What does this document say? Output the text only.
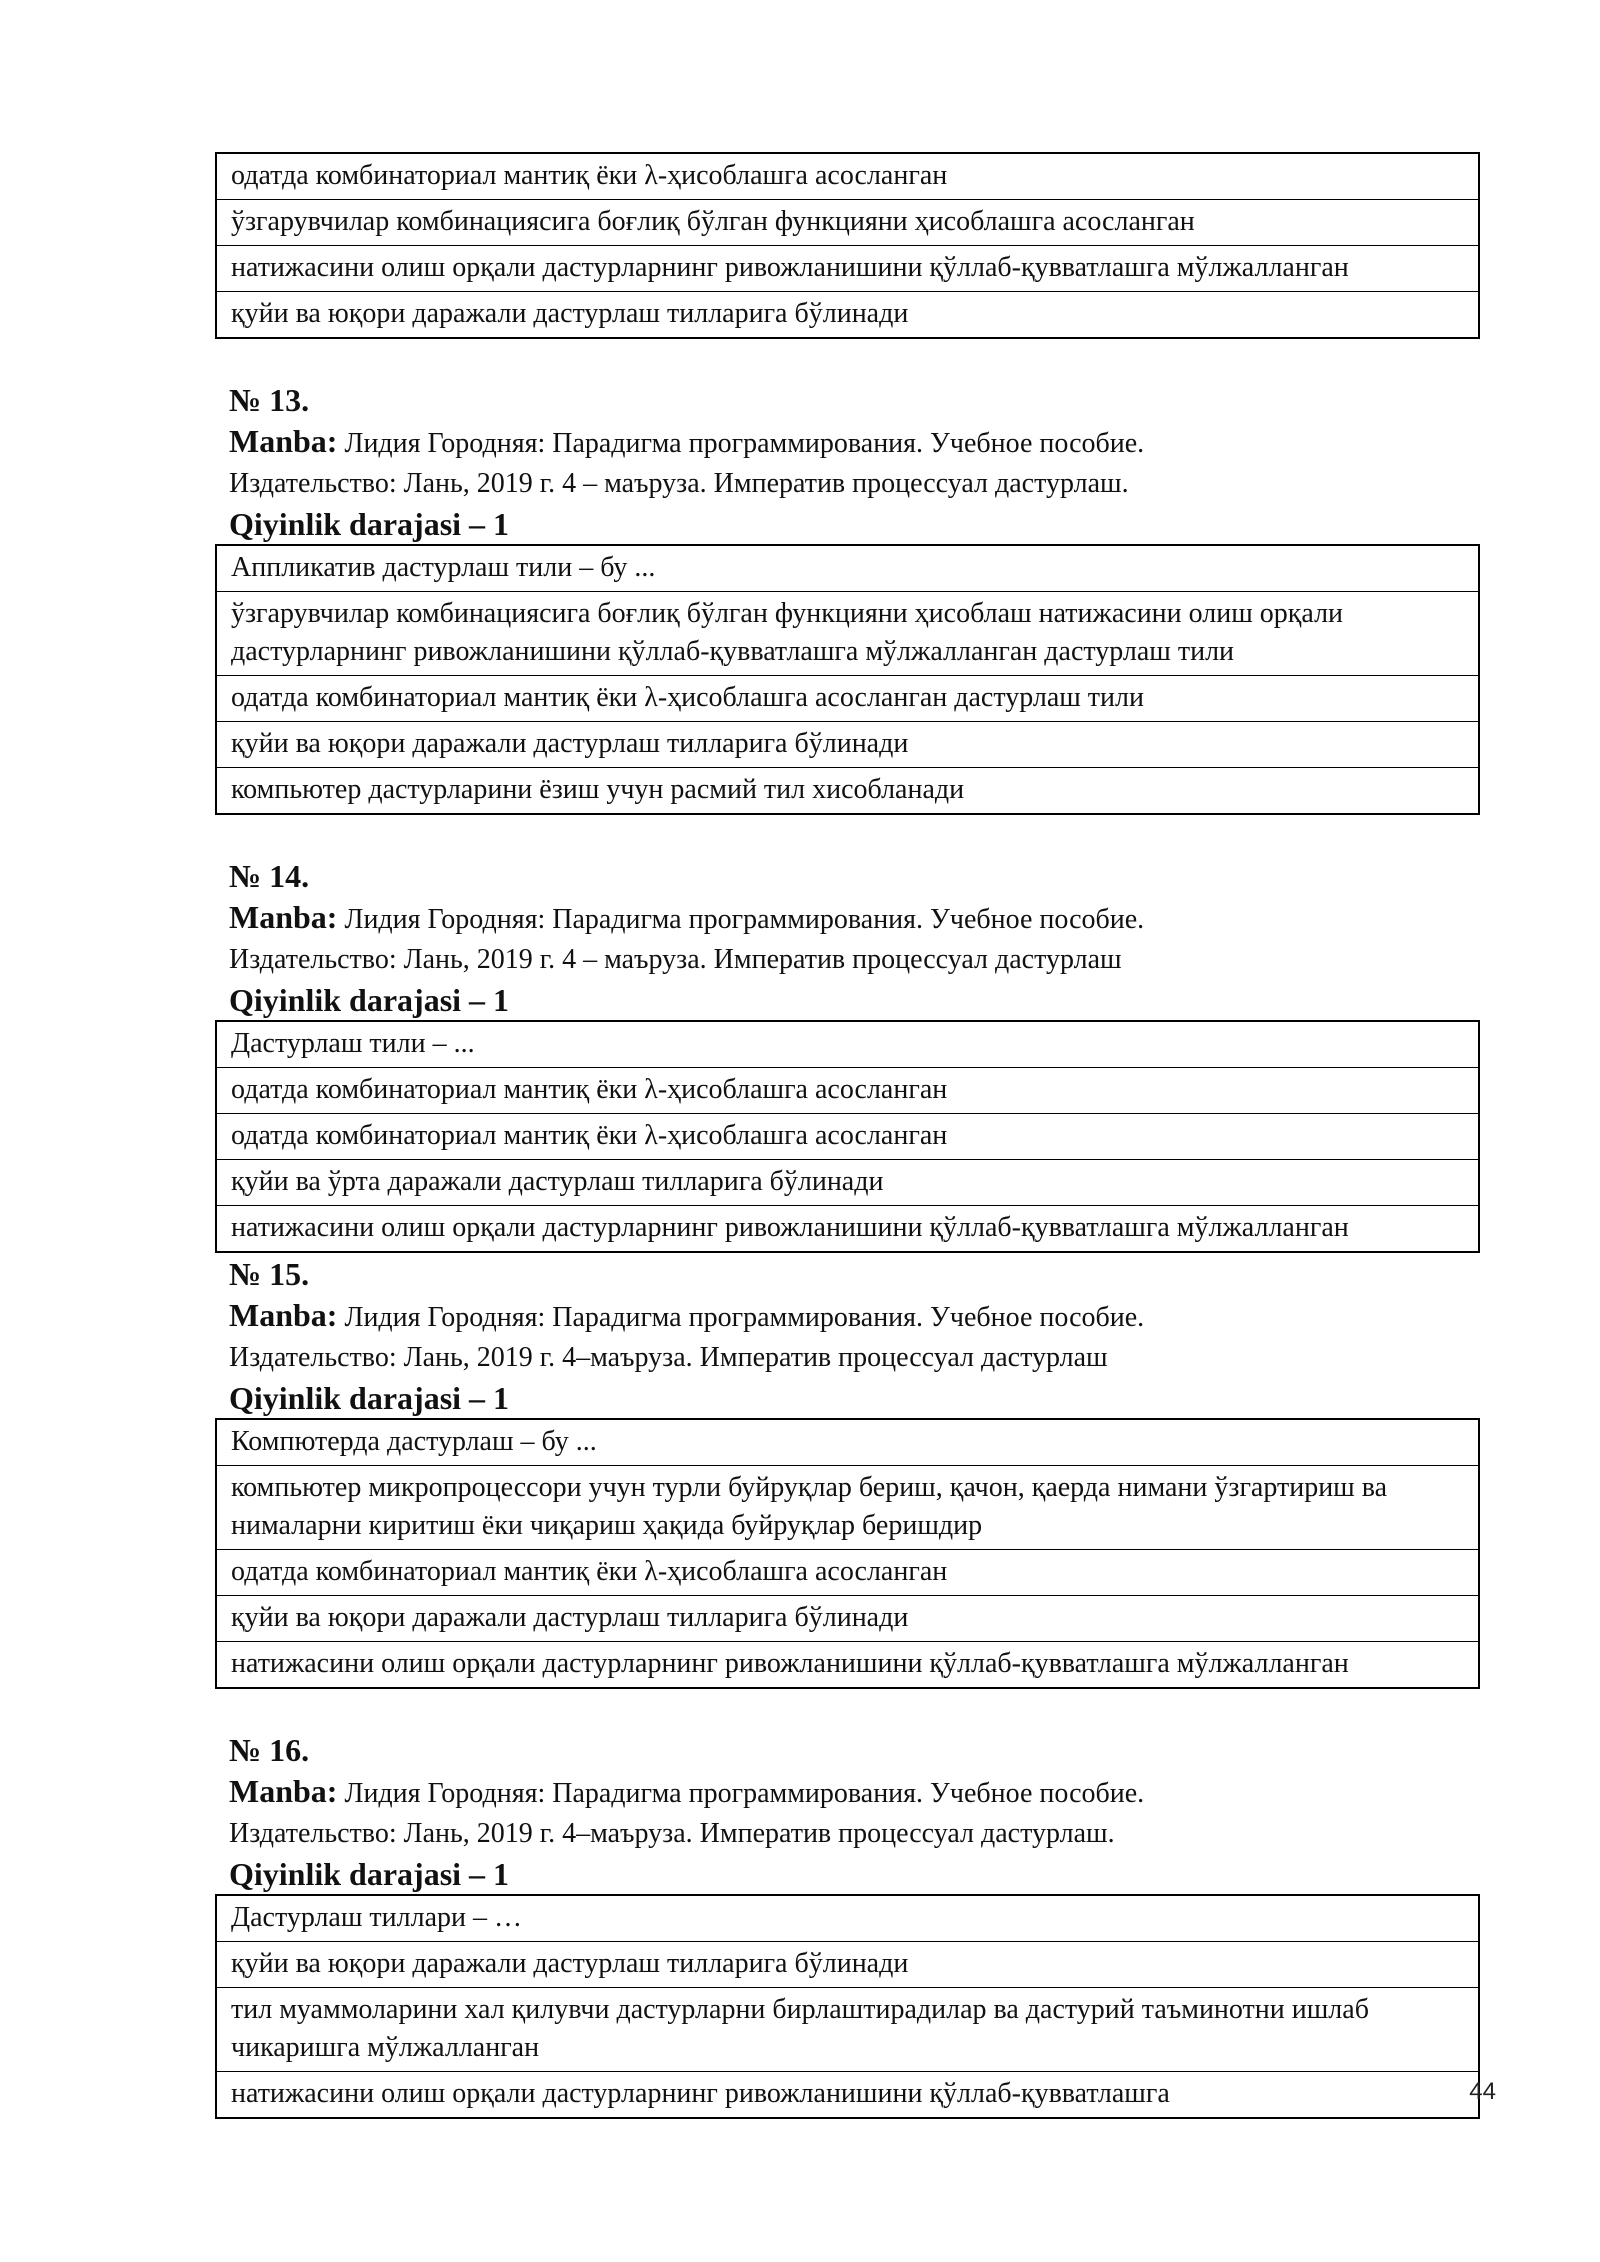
одатда комбинаториал мантиқ ёки λ-ҳисоблашга асосланган
ўзгарувчилар комбинациясига боғлиқ бўлган функцияни ҳисоблашга асосланган
натижасини олиш орқали дастурларнинг ривожланишини қўллаб-қувватлашга мўлжалланган
қуйи ва юқори даражали дастурлаш тилларига бўлинади
№ 13.
Manba: Лидия Городняя: Парадигма программирования. Учебное пособие.
Издательство: Лань, 2019 г. 4 – маъруза. Императив процессуал дастурлаш.
Qiyinlik darajasi – 1
Аппликатив дастурлаш тили – бу ...
ўзгарувчилар комбинациясига боғлиқ бўлган функцияни ҳисоблаш натижасини олиш орқали дастурларнинг ривожланишини қўллаб-қувватлашга мўлжалланган дастурлаш тили
одатда комбинаториал мантиқ ёки λ-ҳисоблашга асосланган дастурлаш тили
қуйи ва юқори даражали дастурлаш тилларига бўлинади
компьютер дастурларини ёзиш учун расмий тил хисобланади
№ 14.
Manba: Лидия Городняя: Парадигма программирования. Учебное пособие.
Издательство: Лань, 2019 г. 4 – маъруза. Императив процессуал дастурлаш
Qiyinlik darajasi – 1
Дастурлаш тили – ...
одатда комбинаториал мантиқ ёки λ-ҳисоблашга асосланган
одатда комбинаториал мантиқ ёки λ-ҳисоблашга асосланган
қуйи ва ўрта даражали дастурлаш тилларига бўлинади
натижасини олиш орқали дастурларнинг ривожланишини қўллаб-қувватлашга мўлжалланган
№ 15.
Manba: Лидия Городняя: Парадигма программирования. Учебное пособие.
Издательство: Лань, 2019 г. 4–маъруза. Императив процессуал дастурлаш
Qiyinlik darajasi – 1
Компютерда дастурлаш – бу ...
компьютер микропроцессори учун турли буйруқлар бериш, қачон, қаерда нимани ўзгартириш ва нималарни киритиш ёки чиқариш ҳақида буйруқлар беришдир
одатда комбинаториал мантиқ ёки λ-ҳисоблашга асосланган
қуйи ва юқори даражали дастурлаш тилларига бўлинади
натижасини олиш орқали дастурларнинг ривожланишини қўллаб-қувватлашга мўлжалланган
№ 16.
Manba: Лидия Городняя: Парадигма программирования. Учебное пособие.
Издательство: Лань, 2019 г. 4–маъруза. Императив процессуал дастурлаш.
Qiyinlik darajasi – 1
Дастурлаш тиллари – …
қуйи ва юқори даражали дастурлаш тилларига бўлинади
тил муаммоларини хал қилувчи дастурларни бирлаштирадилар ва дастурий таъминотни ишлаб чикаришга мўлжалланган
натижасини олиш орқали дастурларнинг ривожланишини қўллаб-қувватлашга	44
